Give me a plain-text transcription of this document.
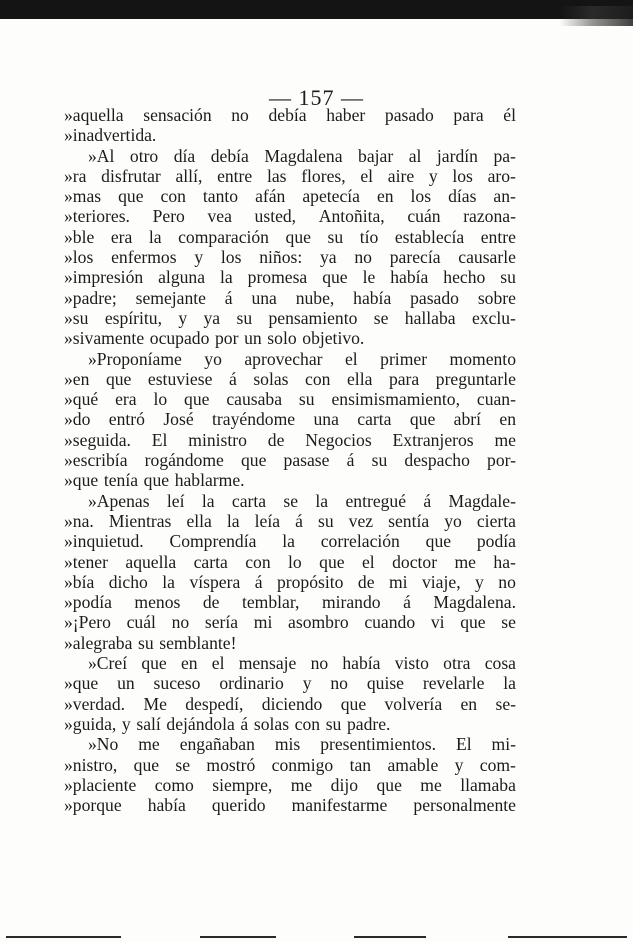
— 157 —
»aquella sensación no debía haber pasado para él
»inadvertida.
»Al otro día debía Magdalena bajar al jardín pa-
»ra disfrutar allí, entre las flores, el aire y los aro-
»mas que con tanto afán apetecía en los días an-
»teriores. Pero vea usted, Antoñita, cuán razona-
»ble era la comparación que su tío establecía entre
»los enfermos y los niños: ya no parecía causarle
»impresión alguna la promesa que le había hecho su
»padre; semejante á una nube, había pasado sobre
»su espíritu, y ya su pensamiento se hallaba exclu-
»sivamente ocupado por un solo objetivo.
»Proponíame yo aprovechar el primer momento
»en que estuviese á solas con ella para preguntarle
»qué era lo que causaba su ensimismamiento, cuan-
»do entró José trayéndome una carta que abrí en
»seguida. El ministro de Negocios Extranjeros me
»escribía rogándome que pasase á su despacho por-
»que tenía que hablarme.
»Apenas leí la carta se la entregué á Magdale-
»na. Mientras ella la leía á su vez sentía yo cierta
»inquietud. Comprendía la correlación que podía
»tener aquella carta con lo que el doctor me ha-
»bía dicho la víspera á propósito de mi viaje, y no
»podía menos de temblar, mirando á Magdalena.
»¡Pero cuál no sería mi asombro cuando vi que se
»alegraba su semblante!
»Creí que en el mensaje no había visto otra cosa
»que un suceso ordinario y no quise revelarle la
»verdad. Me despedí, diciendo que volvería en se-
»guida, y salí dejándola á solas con su padre.
»No me engañaban mis presentimientos. El mi-
»nistro, que se mostró conmigo tan amable y com-
»placiente como siempre, me dijo que me llamaba
»porque había querido manifestarme personalmente
